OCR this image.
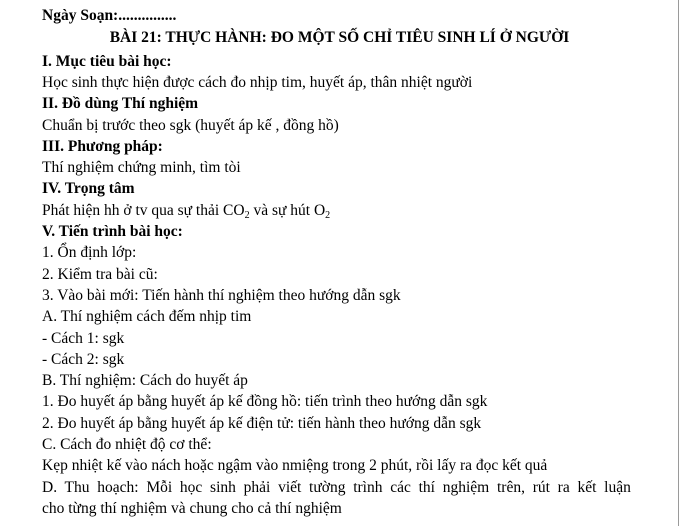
Ngày Soạn:...............
BÀI 21: THỰC HÀNH: ĐO MỘT SỐ CHỈ TIÊU SINH LÍ Ở NGƯỜI
I. Mục tiêu bài học:
Học sinh thực hiện được cách đo nhịp tim, huyết áp, thân nhiệt người
II. Đồ dùng Thí nghiệm
Chuẩn bị trước theo sgk (huyết áp kế , đồng hồ)
III. Phương pháp:
Thí nghiệm chứng minh, tìm tòi
IV. Trọng tâm
Phát hiện hh ở tv qua sự thải $CO_2$ và sự hút $O_2$
V. Tiến trình bài học:
1. Ổn định lớp:
2. Kiểm tra bài cũ:
3. Vào bài mới: Tiến hành thí nghiệm theo hướng dẫn sgk
A. Thí nghiệm cách đếm nhịp tim
- Cách 1: sgk
- Cách 2: sgk
B. Thí nghiệm: Cách do huyết áp
1. Đo huyết áp bằng huyết áp kế đồng hồ: tiến trình theo hướng dẫn sgk
2. Đo huyết áp bằng huyết áp kế điện tử: tiến hành theo hướng dẫn sgk
C. Cách đo nhiệt độ cơ thể:
Kẹp nhiệt kế vào nách hoặc ngậm vào nmiệng trong 2 phút, rồi lấy ra đọc kết quả
D.  Thu  hoạch:  Mỗi  học  sinh  phải  viết  tường  trình  các  thí  nghiệm  trên,  rút  ra  kết  luận
cho từng thí nghiệm và chung cho cả thí nghiệm
